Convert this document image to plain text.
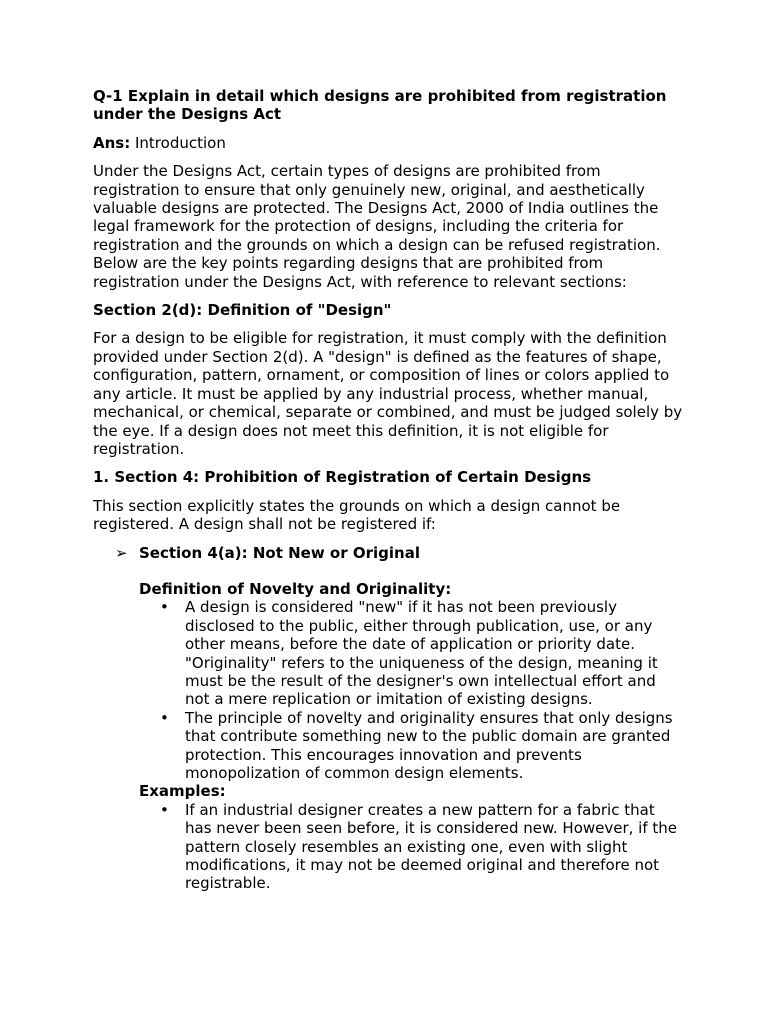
Q-1 Explain in detail which designs are prohibited from registration under the Designs Act

Ans: Introduction

Under the Designs Act, certain types of designs are prohibited from registration to ensure that only genuinely new, original, and aesthetically valuable designs are protected. The Designs Act, 2000 of India outlines the legal framework for the protection of designs, including the criteria for registration and the grounds on which a design can be refused registration. Below are the key points regarding designs that are prohibited from registration under the Designs Act, with reference to relevant sections:

Section 2(d): Definition of "Design"

For a design to be eligible for registration, it must comply with the definition provided under Section 2(d). A "design" is defined as the features of shape, configuration, pattern, ornament, or composition of lines or colors applied to any article. It must be applied by any industrial process, whether manual, mechanical, or chemical, separate or combined, and must be judged solely by the eye. If a design does not meet this definition, it is not eligible for registration.

1. Section 4: Prohibition of Registration of Certain Designs

This section explicitly states the grounds on which a design cannot be registered. A design shall not be registered if:

➢ Section 4(a): Not New or Original

Definition of Novelty and Originality:

• A design is considered "new" if it has not been previously disclosed to the public, either through publication, use, or any other means, before the date of application or priority date. "Originality" refers to the uniqueness of the design, meaning it must be the result of the designer's own intellectual effort and not a mere replication or imitation of existing designs.
• The principle of novelty and originality ensures that only designs that contribute something new to the public domain are granted protection. This encourages innovation and prevents monopolization of common design elements.

Examples:

• If an industrial designer creates a new pattern for a fabric that has never been seen before, it is considered new. However, if the pattern closely resembles an existing one, even with slight modifications, it may not be deemed original and therefore not registrable.
